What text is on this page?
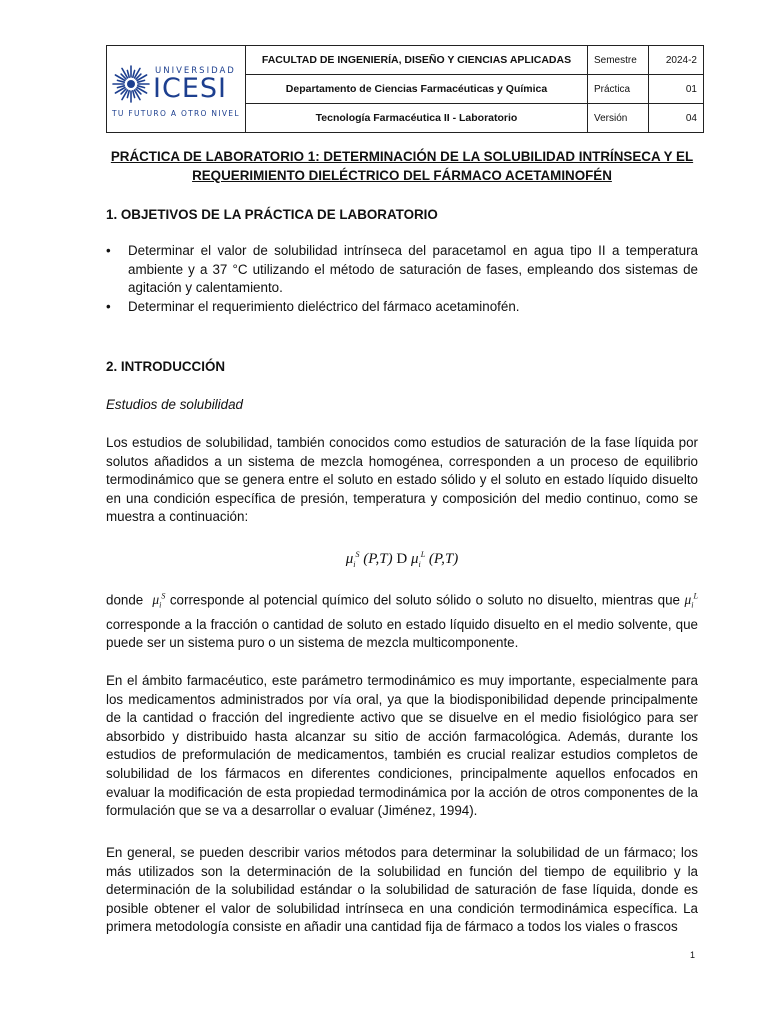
UNIVERSIDAD
ICESI
TU FUTURO A OTRO NIVEL	FACULTAD DE INGENIERÍA, DISEÑO Y CIENCIAS APLICADAS	Semestre	2024-2
	Departamento de Ciencias Farmacéuticas y Química	Práctica	01
	Tecnología Farmacéutica II - Laboratorio	Versión	04

PRÁCTICA DE LABORATORIO 1: DETERMINACIÓN DE LA SOLUBILIDAD INTRÍNSECA Y EL

REQUERIMIENTO DIELÉCTRICO DEL FÁRMACO ACETAMINOFÉN

1. OBJETIVOS DE LA PRÁCTICA DE LABORATORIO

• Determinar el valor de solubilidad intrínseca del paracetamol en agua tipo II a temperatura ambiente y a 37 °C utilizando el método de saturación de fases, empleando dos sistemas de agitación y calentamiento.
• Determinar el requerimiento dieléctrico del fármaco acetaminofén.

2. INTRODUCCIÓN

Estudios de solubilidad

Los estudios de solubilidad, también conocidos como estudios de saturación de la fase líquida por solutos añadidos a un sistema de mezcla homogénea, corresponden a un proceso de equilibrio termodinámico que se genera entre el soluto en estado sólido y el soluto en estado líquido disuelto en una condición específica de presión, temperatura y composición del medio continuo, como se muestra a continuación:

$\mu_i^S$ (P,T) D $\mu_i^L$ (P,T)

donde $\mu_i^S$ corresponde al potencial químico del soluto sólido o soluto no disuelto, mientras que $\mu_i^L$ corresponde a la fracción o cantidad de soluto en estado líquido disuelto en el medio solvente, que puede ser un sistema puro o un sistema de mezcla multicomponente.

En el ámbito farmacéutico, este parámetro termodinámico es muy importante, especialmente para los medicamentos administrados por vía oral, ya que la biodisponibilidad depende principalmente de la cantidad o fracción del ingrediente activo que se disuelve en el medio fisiológico para ser absorbido y distribuido hasta alcanzar su sitio de acción farmacológica. Además, durante los estudios de preformulación de medicamentos, también es crucial realizar estudios completos de solubilidad de los fármacos en diferentes condiciones, principalmente aquellos enfocados en evaluar la modificación de esta propiedad termodinámica por la acción de otros componentes de la formulación que se va a desarrollar o evaluar (Jiménez, 1994).

En general, se pueden describir varios métodos para determinar la solubilidad de un fármaco; los más utilizados son la determinación de la solubilidad en función del tiempo de equilibrio y la determinación de la solubilidad estándar o la solubilidad de saturación de fase líquida, donde es posible obtener el valor de solubilidad intrínseca en una condición termodinámica específica. La primera metodología consiste en añadir una cantidad fija de fármaco a todos los viales o frascos

1
